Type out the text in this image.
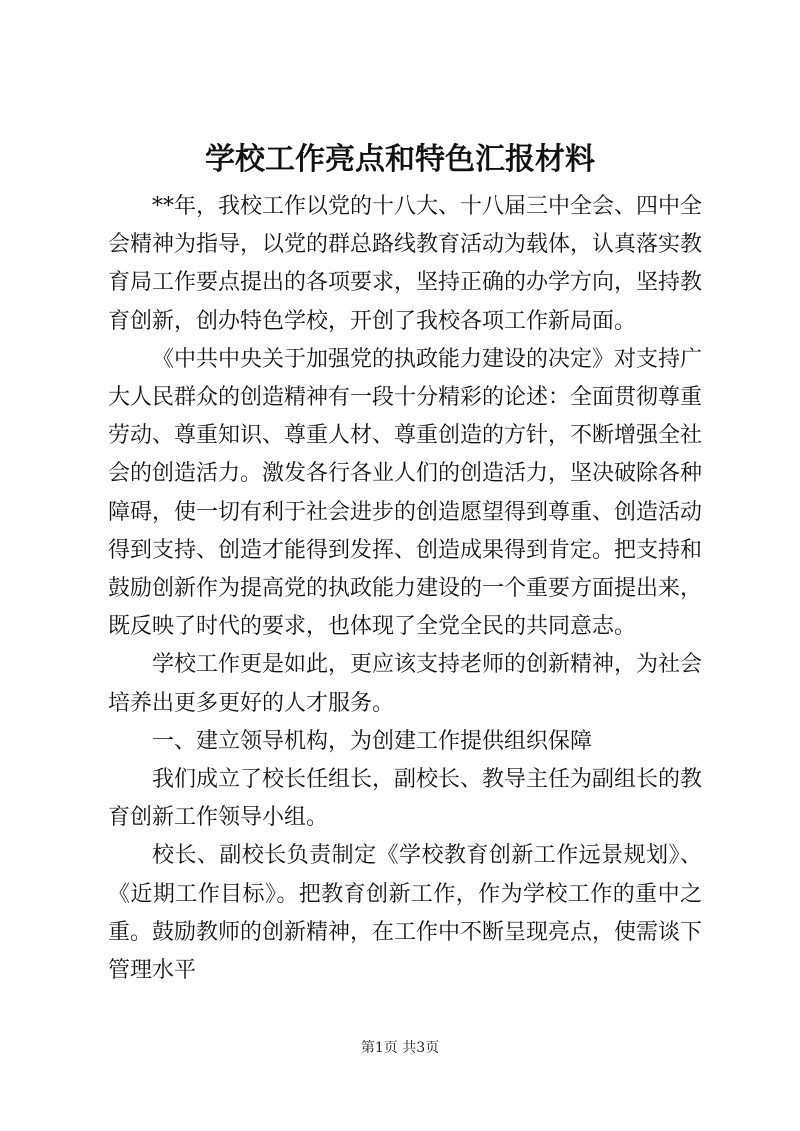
学校工作亮点和特色汇报材料

**年，我校工作以党的十八大、十八届三中全会、四中全会精神为指导，以党的群总路线教育活动为载体，认真落实教育局工作要点提出的各项要求，坚持正确的办学方向，坚持教育创新，创办特色学校，开创了我校各项工作新局面。

《中共中央关于加强党的执政能力建设的决定》对支持广大人民群众的创造精神有一段十分精彩的论述：全面贯彻尊重劳动、尊重知识、尊重人材、尊重创造的方针，不断增强全社会的创造活力。激发各行各业人们的创造活力，坚决破除各种障碍，使一切有利于社会进步的创造愿望得到尊重、创造活动得到支持、创造才能得到发挥、创造成果得到肯定。把支持和鼓励创新作为提高党的执政能力建设的一个重要方面提出来，既反映了时代的要求，也体现了全党全民的共同意志。

学校工作更是如此，更应该支持老师的创新精神，为社会培养出更多更好的人才服务。

一、建立领导机构，为创建工作提供组织保障

我们成立了校长任组长，副校长、教导主任为副组长的教育创新工作领导小组。

校长、副校长负责制定《学校教育创新工作远景规划》、《近期工作目标》。把教育创新工作，作为学校工作的重中之重。鼓励教师的创新精神，在工作中不断呈现亮点，使需谈下管理水平

第1页 共3页
